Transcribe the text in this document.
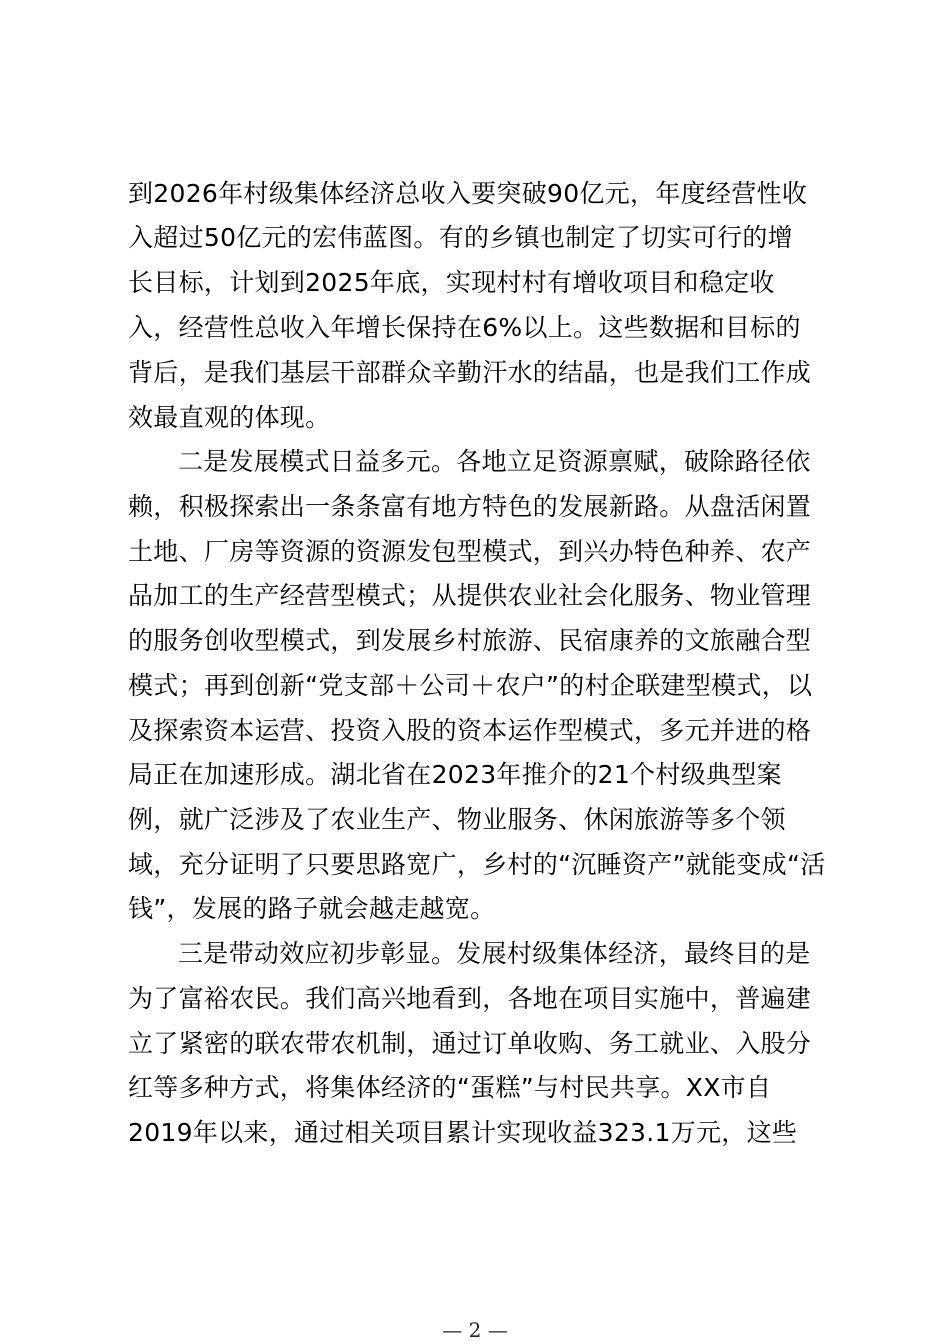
到2026年村级集体经济总收入要突破90亿元，年度经营性收
入超过50亿元的宏伟蓝图。有的乡镇也制定了切实可行的增
长目标，计划到2025年底，实现村村有增收项目和稳定收
入，经营性总收入年增长保持在6%以上。这些数据和目标的
背后，是我们基层干部群众辛勤汗水的结晶，也是我们工作成
效最直观的体现。
二是发展模式日益多元。各地立足资源禀赋，破除路径依
赖，积极探索出一条条富有地方特色的发展新路。从盘活闲置
土地、厂房等资源的资源发包型模式，到兴办特色种养、农产
品加工的生产经营型模式；从提供农业社会化服务、物业管理
的服务创收型模式，到发展乡村旅游、民宿康养的文旅融合型
模式；再到创新“党支部＋公司＋农户”的村企联建型模式，以
及探索资本运营、投资入股的资本运作型模式，多元并进的格
局正在加速形成。湖北省在2023年推介的21个村级典型案
例，就广泛涉及了农业生产、物业服务、休闲旅游等多个领
域，充分证明了只要思路宽广，乡村的“沉睡资产”就能变成“活
钱”，发展的路子就会越走越宽。
三是带动效应初步彰显。发展村级集体经济，最终目的是
为了富裕农民。我们高兴地看到，各地在项目实施中，普遍建
立了紧密的联农带农机制，通过订单收购、务工就业、入股分
红等多种方式，将集体经济的“蛋糕”与村民共享。XX市自
2019年以来，通过相关项目累计实现收益323.1万元，这些
— 2 —
